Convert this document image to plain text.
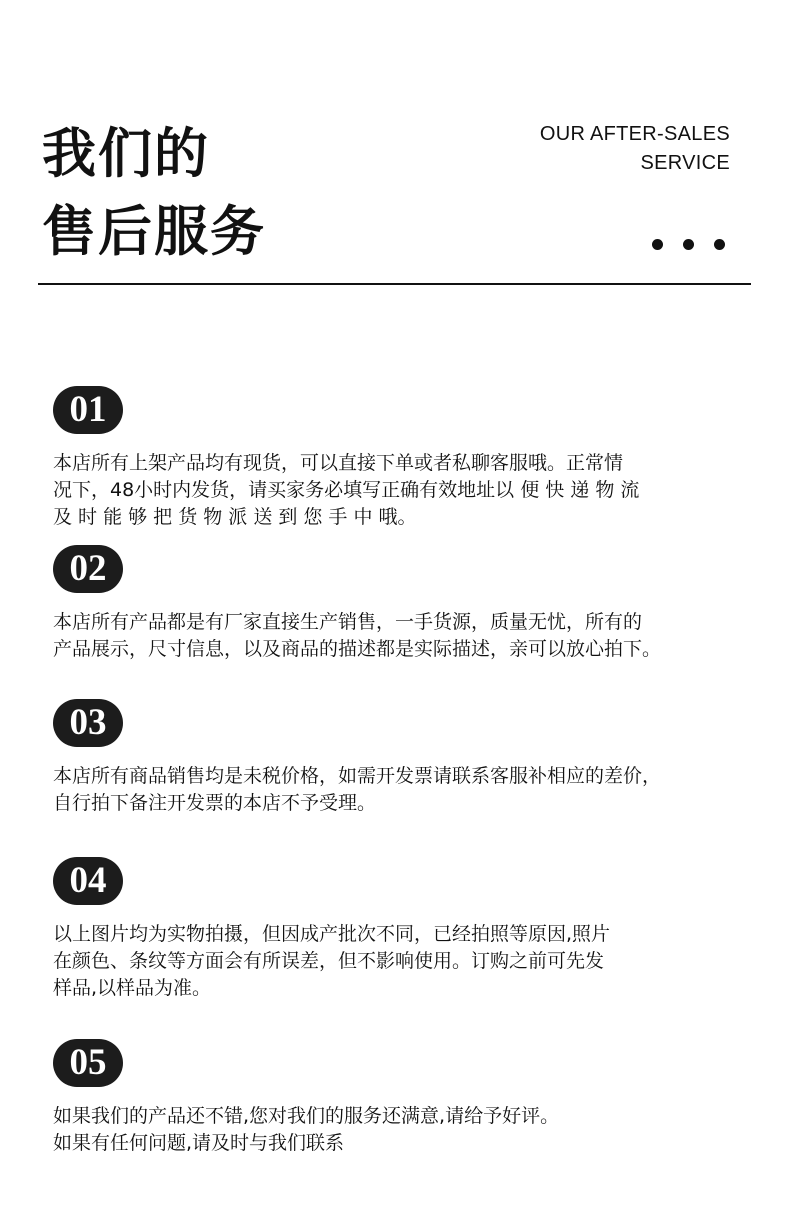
我们的
售后服务
OUR AFTER-SALES
SERVICE
01
本店所有上架产品均有现货，可以直接下单或者私聊客服哦。正常情
况下，48小时内发货，请买家务必填写正确有效地址以 便 快 递 物 流
及 时 能 够 把 货 物 派 送 到 您 手 中 哦。
02
本店所有产品都是有厂家直接生产销售，一手货源，质量无忧，所有的
产品展示，尺寸信息，以及商品的描述都是实际描述，亲可以放心拍下。
03
本店所有商品销售均是未税价格，如需开发票请联系客服补相应的差价，
自行拍下备注开发票的本店不予受理。
04
以上图片均为实物拍摄，但因成产批次不同，已经拍照等原因,照片
在颜色、条纹等方面会有所误差，但不影响使用。订购之前可先发
样品,以样品为准。
05
如果我们的产品还不错,您对我们的服务还满意,请给予好评。
如果有任何问题,请及时与我们联系
